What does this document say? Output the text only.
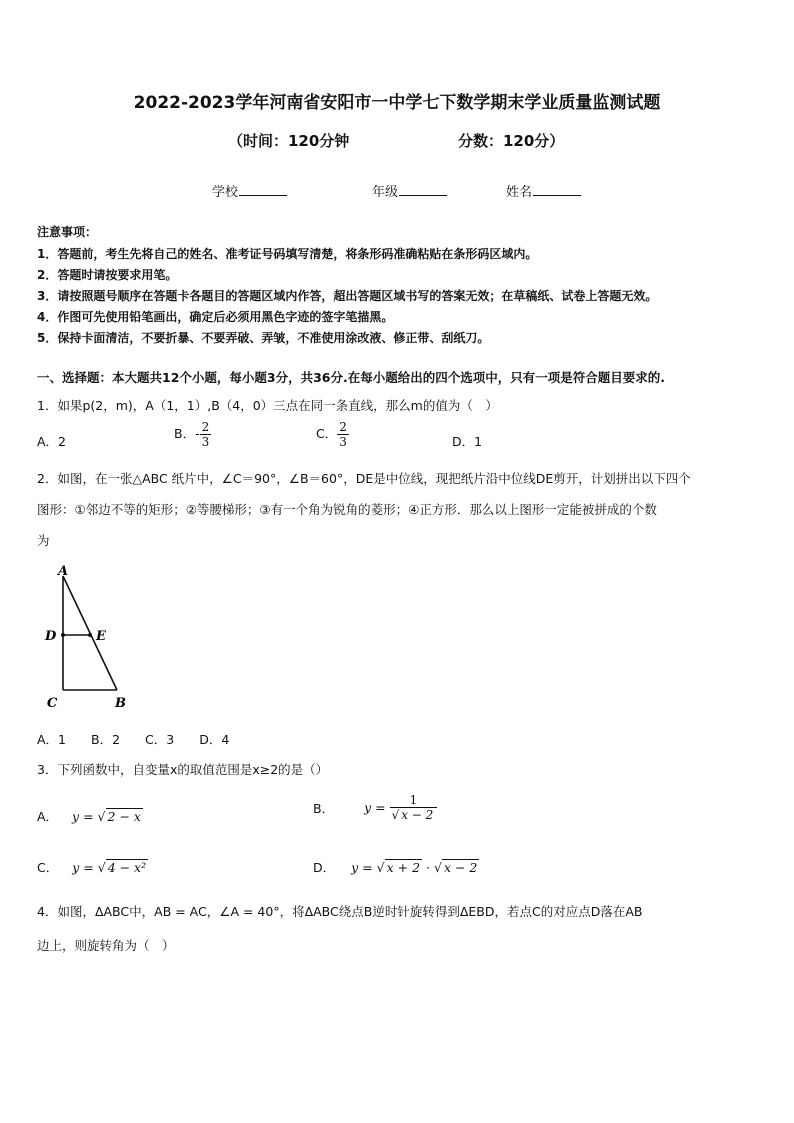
2022-2023学年河南省安阳市一中学七下数学期末学业质量监测试题
（时间：120分钟	分数：120分）
学校	年级	姓名
注意事项：
1．答题前，考生先将自己的姓名、准考证号码填写清楚，将条形码准确粘贴在条形码区域内。
2．答题时请按要求用笔。
3．请按照题号顺序在答题卡各题目的答题区域内作答，超出答题区域书写的答案无效；在草稿纸、试卷上答题无效。
4．作图可先使用铅笔画出，确定后必须用黑色字迹的签字笔描黑。
5．保持卡面清洁，不要折暴、不要弄破、弄皱，不准使用涂改液、修正带、刮纸刀。
一、选择题：本大题共12个小题，每小题3分，共36分.在每小题给出的四个选项中，只有一项是符合题目要求的.
1．如果p(2，m)，A（1，1）,B（4，0）三点在同一条直线，那么m的值为（　）
A．2
B．- $\frac{2}{3}$	C． $\frac{2}{3}$	D．1
2．如图，在一张△ABC 纸片中，∠C＝90°，∠B＝60°，DE是中位线，现把纸片沿中位线DE剪开，计划拼出以下四个
图形：①邻边不等的矩形；②等腰梯形；③有一个角为锐角的菱形；④正方形．那么以上图形一定能被拼成的个数
为
A
D	E
C	B
A．1　　B．2　　C．3　　D．4
3．下列函数中，自变量x的取值范围是x≥2的是（）
A． y = √ 2 − x
B． $y = \frac{1}{√ x - 2}$
C． y = √ 4 − x²	D． y = √ x + 2 · √ x − 2
4．如图，ΔABC中，AB = AC，∠A = 40°，将ΔABC绕点B逆时针旋转得到ΔEBD，若点C的对应点D落在AB
边上，则旋转角为（　）
